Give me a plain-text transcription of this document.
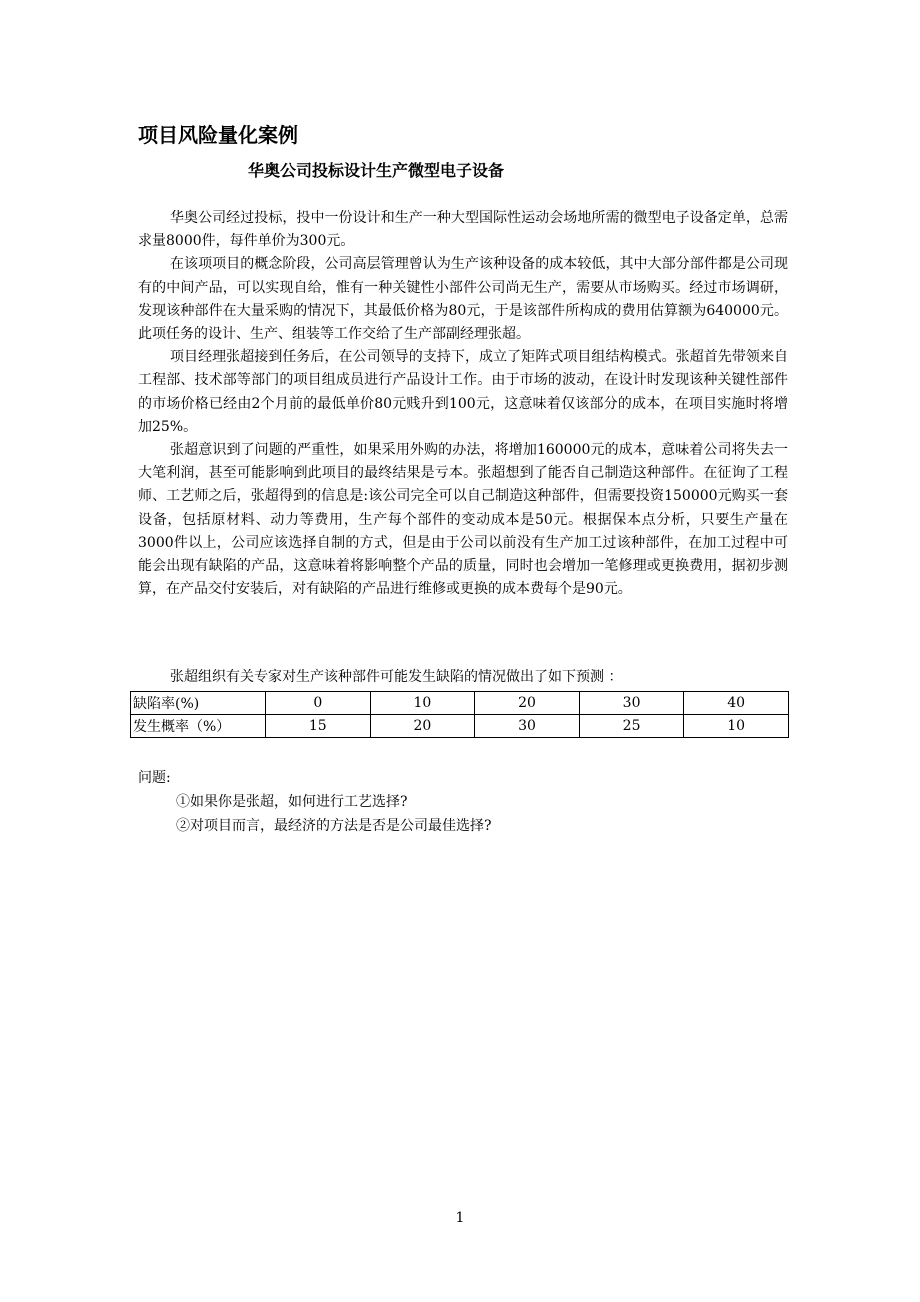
项目风险量化案例
华奥公司投标设计生产微型电子设备

华奥公司经过投标，投中一份设计和生产一种大型国际性运动会场地所需的微型电子设备定单，总需求量8000件，每件单价为300元。

在该项项目的概念阶段，公司高层管理曾认为生产该种设备的成本较低，其中大部分部件都是公司现有的中间产品，可以实现自给，惟有一种关键性小部件公司尚无生产，需要从市场购买。经过市场调研，发现该种部件在大量采购的情况下，其最低价格为80元，于是该部件所构成的费用估算额为640000元。此项任务的设计、生产、组装等工作交给了生产部副经理张超。

项目经理张超接到任务后，在公司领导的支持下，成立了矩阵式项目组结构模式。张超首先带领来自工程部、技术部等部门的项目组成员进行产品设计工作。由于市场的波动，在设计时发现该种关键性部件的市场价格已经由2个月前的最低单价80元贱升到100元，这意味着仅该部分的成本，在项目实施时将增加25%。

张超意识到了问题的严重性，如果采用外购的办法，将增加160000元的成本，意味着公司将失去一大笔利润，甚至可能影响到此项目的最终结果是亏本。张超想到了能否自己制造这种部件。在征询了工程师、工艺师之后，张超得到的信息是:该公司完全可以自己制造这种部件，但需要投资150000元购买一套设备，包括原材料、动力等费用，生产每个部件的变动成本是50元。根据保本点分析，只要生产量在3000件以上，公司应该选择自制的方式，但是由于公司以前没有生产加工过该种部件，在加工过程中可能会出现有缺陷的产品，这意味着将影响整个产品的质量，同时也会增加一笔修理或更换费用，据初步测算，在产品交付安装后，对有缺陷的产品进行维修或更换的成本费每个是90元。

张超组织有关专家对生产该种部件可能发生缺陷的情况做出了如下预测 ：
缺陷率(%)	0	10	20	30	40
发生概率（%）	15	20	30	25	10
问题:
①如果你是张超，如何进行工艺选择?
②对项目而言，最经济的方法是否是公司最佳选择?
1
